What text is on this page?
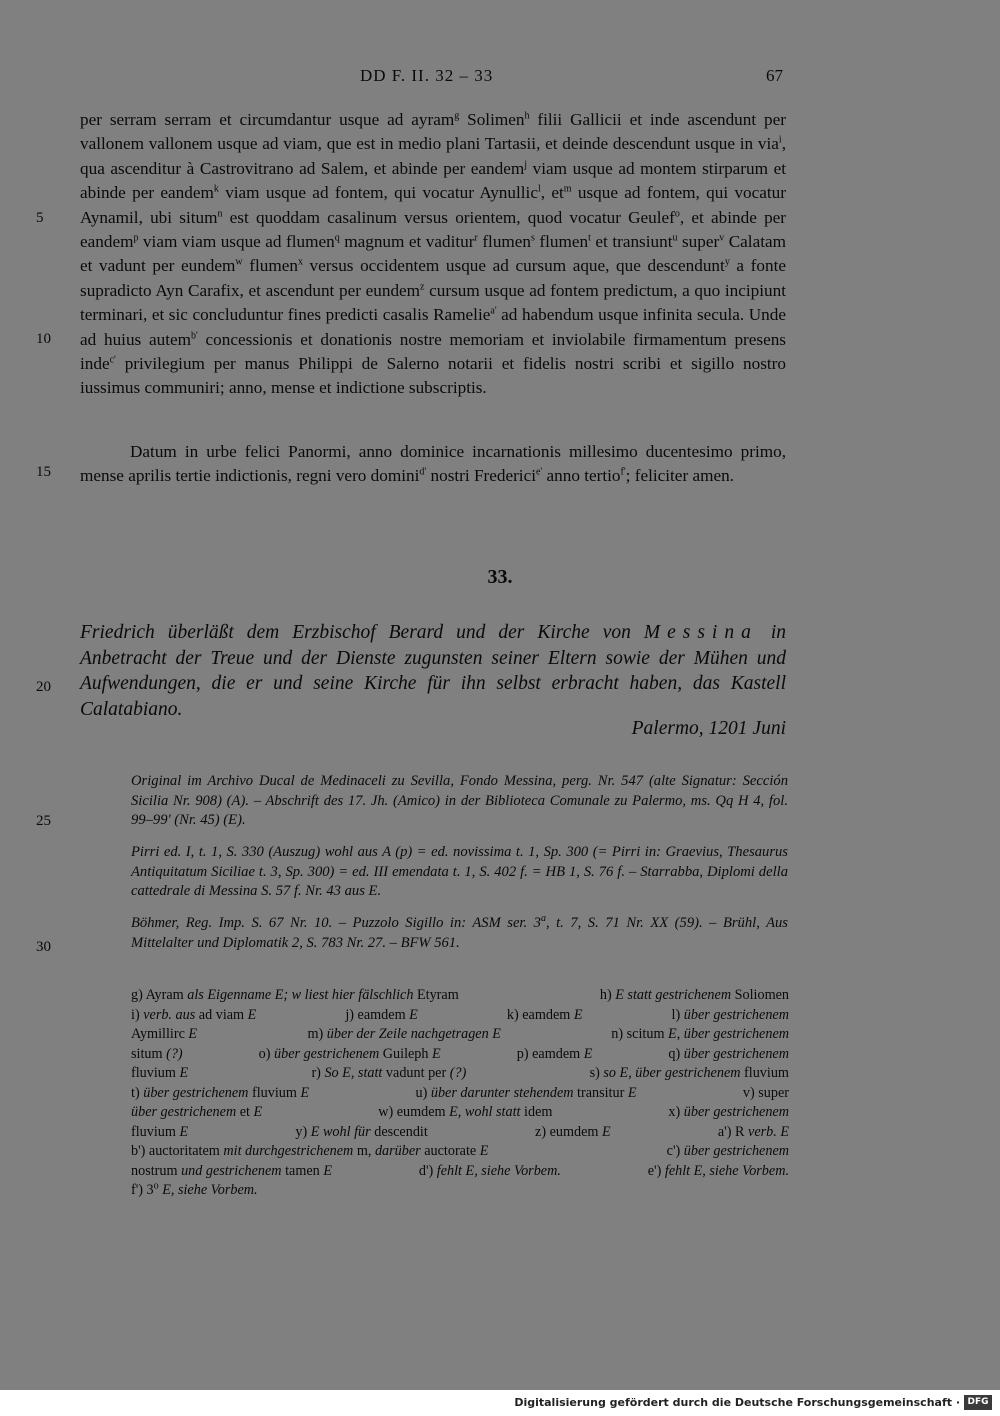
DD F. II. 32 – 33	67
5
10
15
20
25
30
per serram serram et circumdantur usque ad ayram$^g$ Solimen$^h$ filii Gallicii et inde ascendunt per vallonem vallonem usque ad viam, que est in medio plani Tartasii, et deinde descendunt usque in via$^i$, qua ascenditur à Castrovitrano ad Salem, et abinde per eandem$^j$ viam usque ad montem stirparum et abinde per eandem$^k$ viam usque ad fontem, qui vocatur Aynullic$^l$, $et^m$ usque ad fontem, qui vocatur Aynamil, ubi situm$^n$ est quoddam casalinum versus orientem, quod vocatur Geulef$^o$, et abinde per eandem$^p$ viam viam usque ad flumen$^q$ magnum et vaditur$^r$ flumen$^s$ flumen$^t$ et transiunt$^u$ super$^v$ Calatam et vadunt per eundem$^w$ flumen$^x$ versus occidentem usque ad cursum aque, que descendunt$^y$ a fonte supradicto Ayn Carafix, et ascendunt per eundem$^z$ cursum usque ad fontem predictum, a quo incipiunt terminari, et sic concluduntur fines predicti casalis Ramelie$^{a'}$ ad habendum usque infinita secula. Unde ad huius autem$^{b'}$ concessionis et donationis nostre memoriam et inviolabile firmamentum presens inde$^{c'}$ privilegium per manus Philippi de Salerno notarii et fidelis nostri scribi et sigillo nostro iussimus communiri; anno, mense et indictione subscriptis.
Datum in urbe felici Panormi, anno dominice incarnationis millesimo ducentesimo primo, mense aprilis tertie indictionis, regni vero domini$^{d'}$ nostri Frederici$^{e'}$ anno tertio$^{f'}$; feliciter amen.
33.
Friedrich überläßt dem Erzbischof Berard und der Kirche von Messina in Anbetracht der Treue und der Dienste zugunsten seiner Eltern sowie der Mühen und Aufwendungen, die er und seine Kirche für ihn selbst erbracht haben, das Kastell Calatabiano.
Palermo, 1201 Juni
Original im Archivo Ducal de Medinaceli zu Sevilla, Fondo Messina, perg. Nr. 547 (alte Signatur: Sección Sicilia Nr. 908) (A). – Abschrift des 17. Jh. (Amico) in der Biblioteca Comunale zu Palermo, ms. Qq H 4, fol. 99–99' (Nr. 45) (E).
Pirri ed. I, t. 1, S. 330 (Auszug) wohl aus A (p) = ed. novissima t. 1, Sp. 300 (= Pirri in: Graevius, Thesaurus Antiquitatum Siciliae t. 3, Sp. 300) = ed. III emendata t. 1, S. 402 f. = HB 1, S. 76 f. – Starrabba, Diplomi della cattedrale di Messina S. 57 f. Nr. 43 aus E.
Böhmer, Reg. Imp. S. 67 Nr. 10. – Puzzolo Sigillo in: ASM ser. 3$^a$, t. 7, S. 71 Nr. XX (59). – Brühl, Aus Mittelalter und Diplomatik 2, S. 783 Nr. 27. – BFW 561.
g) Ayram als Eigenname E; w liest hier fälschlich Etyram	h) E statt gestrichenem Soliomen
i) verb. aus ad viam E	j) eamdem E	k) eamdem E	l) über gestrichenem
Aymillirc E	m) über der Zeile nachgetragen E	n) scitum E, über gestrichenem
situm (?)	o) über gestrichenem Guileph E	p) eamdem E	q) über gestrichenem
fluvium E	r) So E, statt vadunt per (?)	s) so E, über gestrichenem fluvium
t) über gestrichenem fluvium E	u) über darunter stehendem transitur E	v) super
über gestrichenem et E	w) eumdem E, wohl statt idem	x) über gestrichenem
fluvium E	y) E wohl für descendit	z) eumdem E	a') R verb. E
b') auctoritatem mit durchgestrichenem m, darüber auctorate E	c') über gestrichenem
nostrum und gestrichenem tamen E	d') fehlt E, siehe Vorbem.	e') fehlt E, siehe Vorbem.
f') 3$^o$ E, siehe Vorbem.
Digitalisierung gefördert durch die Deutsche Forschungsgemeinschaft · DFG
